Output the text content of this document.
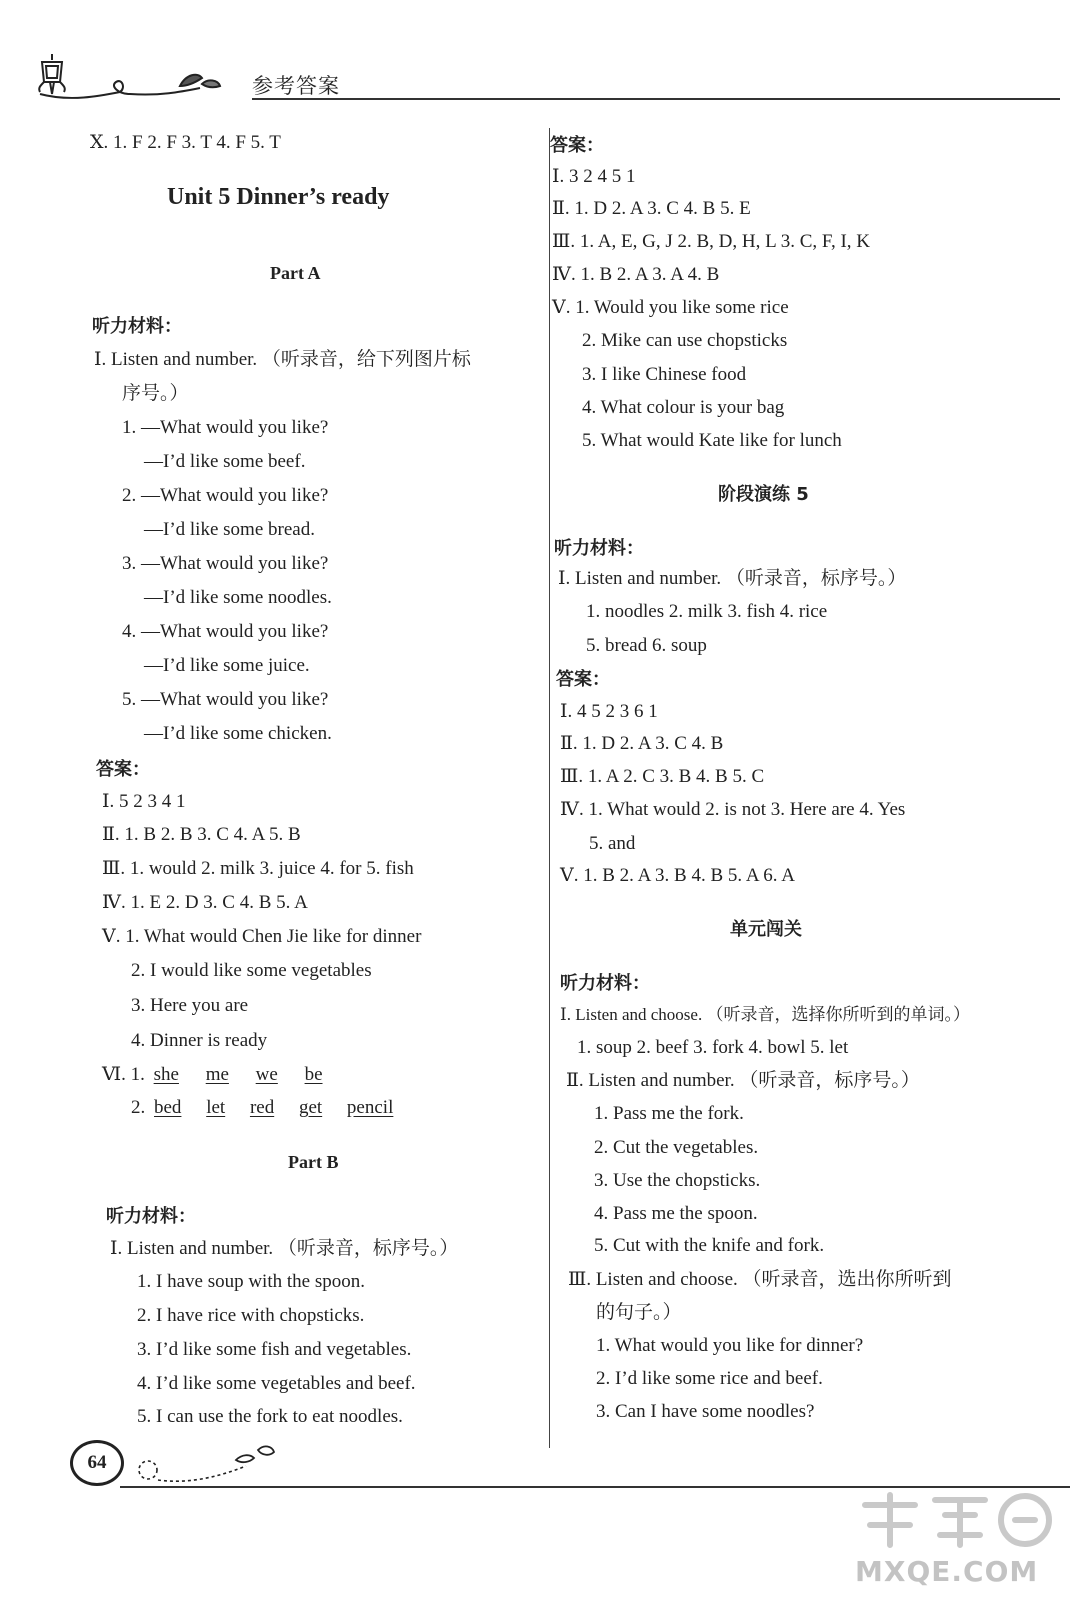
参考答案
Ⅹ. 1. F 2. F 3. T 4. F 5. T
Unit 5 Dinner’s ready
Part A
听力材料：
Ⅰ. Listen and number. （听录音，给下列图片标
序号。）
1. —What would you like?
—I’d like some beef.
2. —What would you like?
—I’d like some bread.
3. —What would you like?
—I’d like some noodles.
4. —What would you like?
—I’d like some juice.
5. —What would you like?
—I’d like some chicken.
答案：
Ⅰ. 5 2 3 4 1
Ⅱ. 1. B 2. B 3. C 4. A 5. B
Ⅲ. 1. would 2. milk 3. juice 4. for 5. fish
Ⅳ. 1. E 2. D 3. C 4. B 5. A
Ⅴ. 1. What would Chen Jie like for dinner
2. I would like some vegetables
3. Here you are
4. Dinner is ready
Ⅵ. 1. she me we be
2. bed let red get pencil
Part B
听力材料：
Ⅰ. Listen and number. （听录音，标序号。）
1. I have soup with the spoon.
2. I have rice with chopsticks.
3. I’d like some fish and vegetables.
4. I’d like some vegetables and beef.
5. I can use the fork to eat noodles.
答案：
Ⅰ. 3 2 4 5 1
Ⅱ. 1. D 2. A 3. C 4. B 5. E
Ⅲ. 1. A, E, G, J 2. B, D, H, L 3. C, F, I, K
Ⅳ. 1. B 2. A 3. A 4. B
Ⅴ. 1. Would you like some rice
2. Mike can use chopsticks
3. I like Chinese food
4. What colour is your bag
5. What would Kate like for lunch
阶段演练 5
听力材料：
Ⅰ. Listen and number. （听录音，标序号。）
1. noodles 2. milk 3. fish 4. rice
5. bread 6. soup
答案：
Ⅰ. 4 5 2 3 6 1
Ⅱ. 1. D 2. A 3. C 4. B
Ⅲ. 1. A 2. C 3. B 4. B 5. C
Ⅳ. 1. What would 2. is not 3. Here are 4. Yes
5. and
Ⅴ. 1. B 2. A 3. B 4. B 5. A 6. A
单元闯关
听力材料：
Ⅰ. Listen and choose. （听录音，选择你所听到的单词。）
1. soup 2. beef 3. fork 4. bowl 5. let
Ⅱ. Listen and number. （听录音，标序号。）
1. Pass me the fork.
2. Cut the vegetables.
3. Use the chopsticks.
4. Pass me the spoon.
5. Cut with the knife and fork.
Ⅲ. Listen and choose. （听录音，选出你所听到
的句子。）
1. What would you like for dinner?
2. I’d like some rice and beef.
3. Can I have some noodles?
64
MXQE.COM
